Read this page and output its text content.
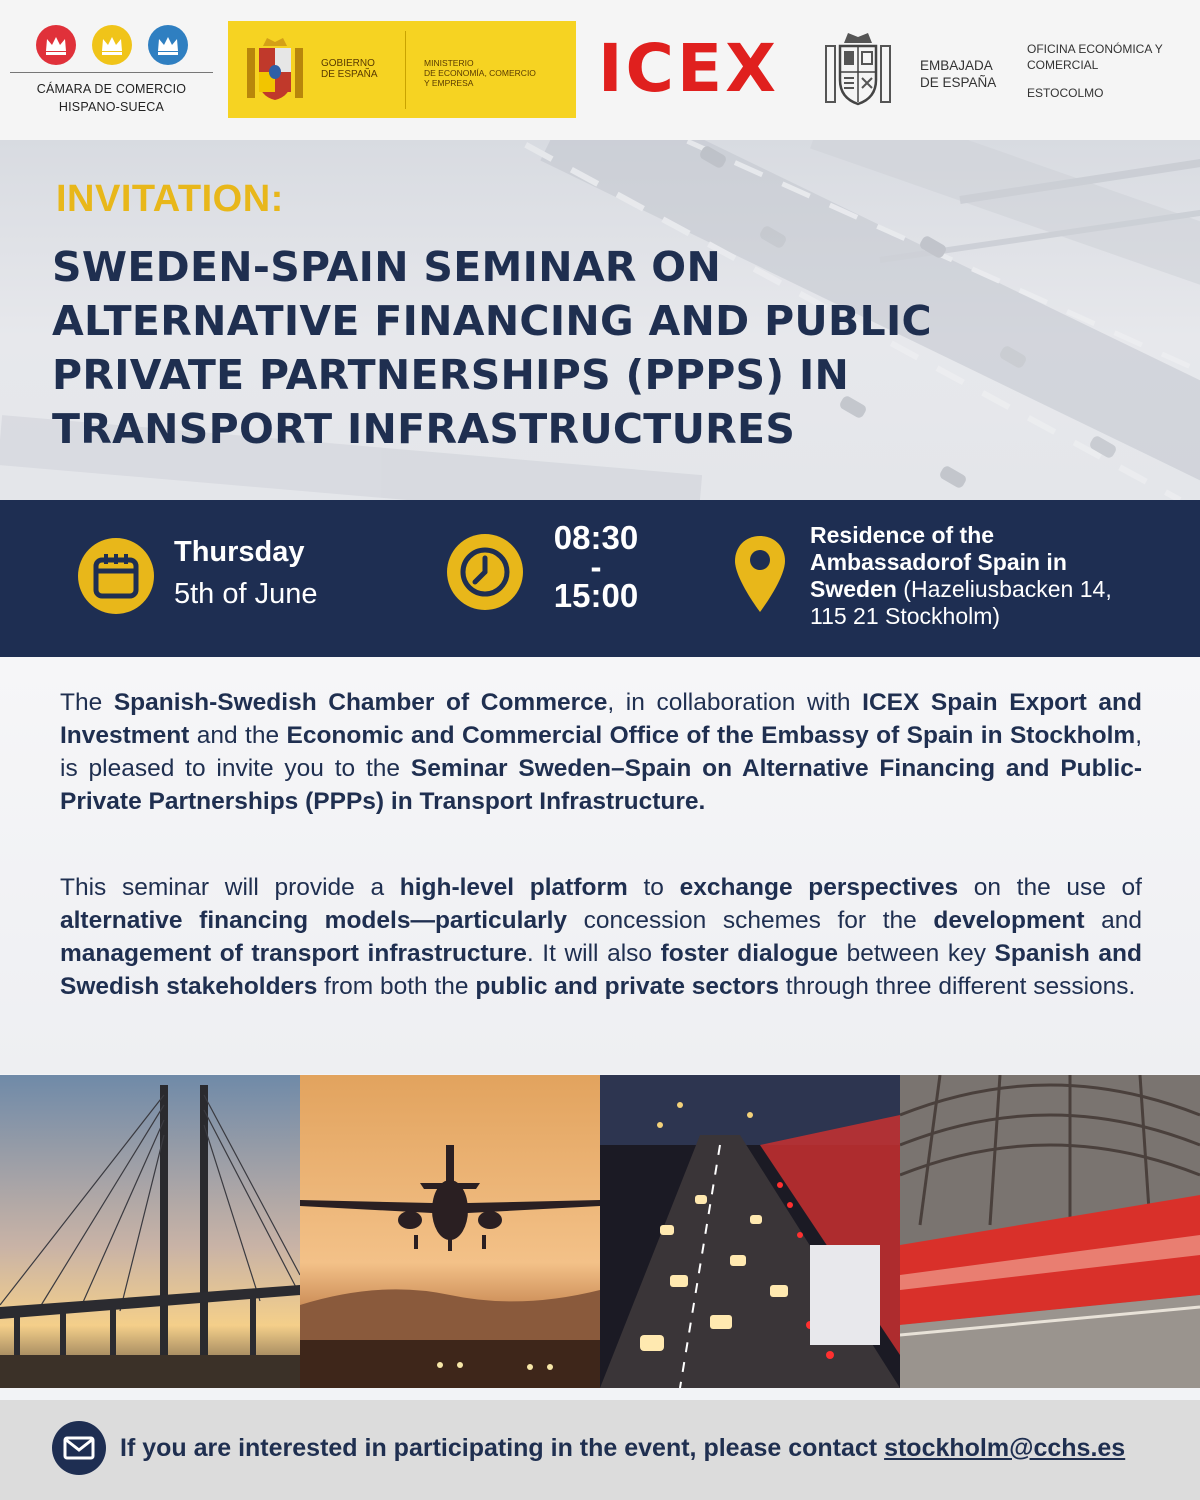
CÁMARA DE COMERCIO
HISPANO-SUECA
GOBIERNO
DE ESPAÑA
MINISTERIO
DE ECONOMÍA, COMERCIO
Y EMPRESA	ICEX	EMBAJADA
DE ESPAÑA
OFICINA ECONÓMICA Y
COMERCIAL
ESTOCOLMO
INVITATION:
SWEDEN-SPAIN SEMINAR ON
ALTERNATIVE FINANCING AND PUBLIC
PRIVATE PARTNERSHIPS (PPPS) IN
TRANSPORT INFRASTRUCTURES
Thursday
5th of June
08:30
-
15:00
Residence of the
Ambassadorof Spain in
Sweden (Hazeliusbacken 14,
115 21 Stockholm)
The Spanish-Swedish Chamber of Commerce, in collaboration with ICEX Spain Export and Investment and the Economic and Commercial Office of the Embassy of Spain in Stockholm, is pleased to invite you to the Seminar Sweden–Spain on Alternative Financing and Public-Private Partnerships (PPPs) in Transport Infrastructure.
This seminar will provide a high-level platform to exchange perspectives on the use of alternative financing models—particularly concession schemes for the development and management of transport infrastructure. It will also foster dialogue between key Spanish and Swedish stakeholders from both the public and private sectors through three different sessions.
If you are interested in participating in the event, please contact stockholm@cchs.es
